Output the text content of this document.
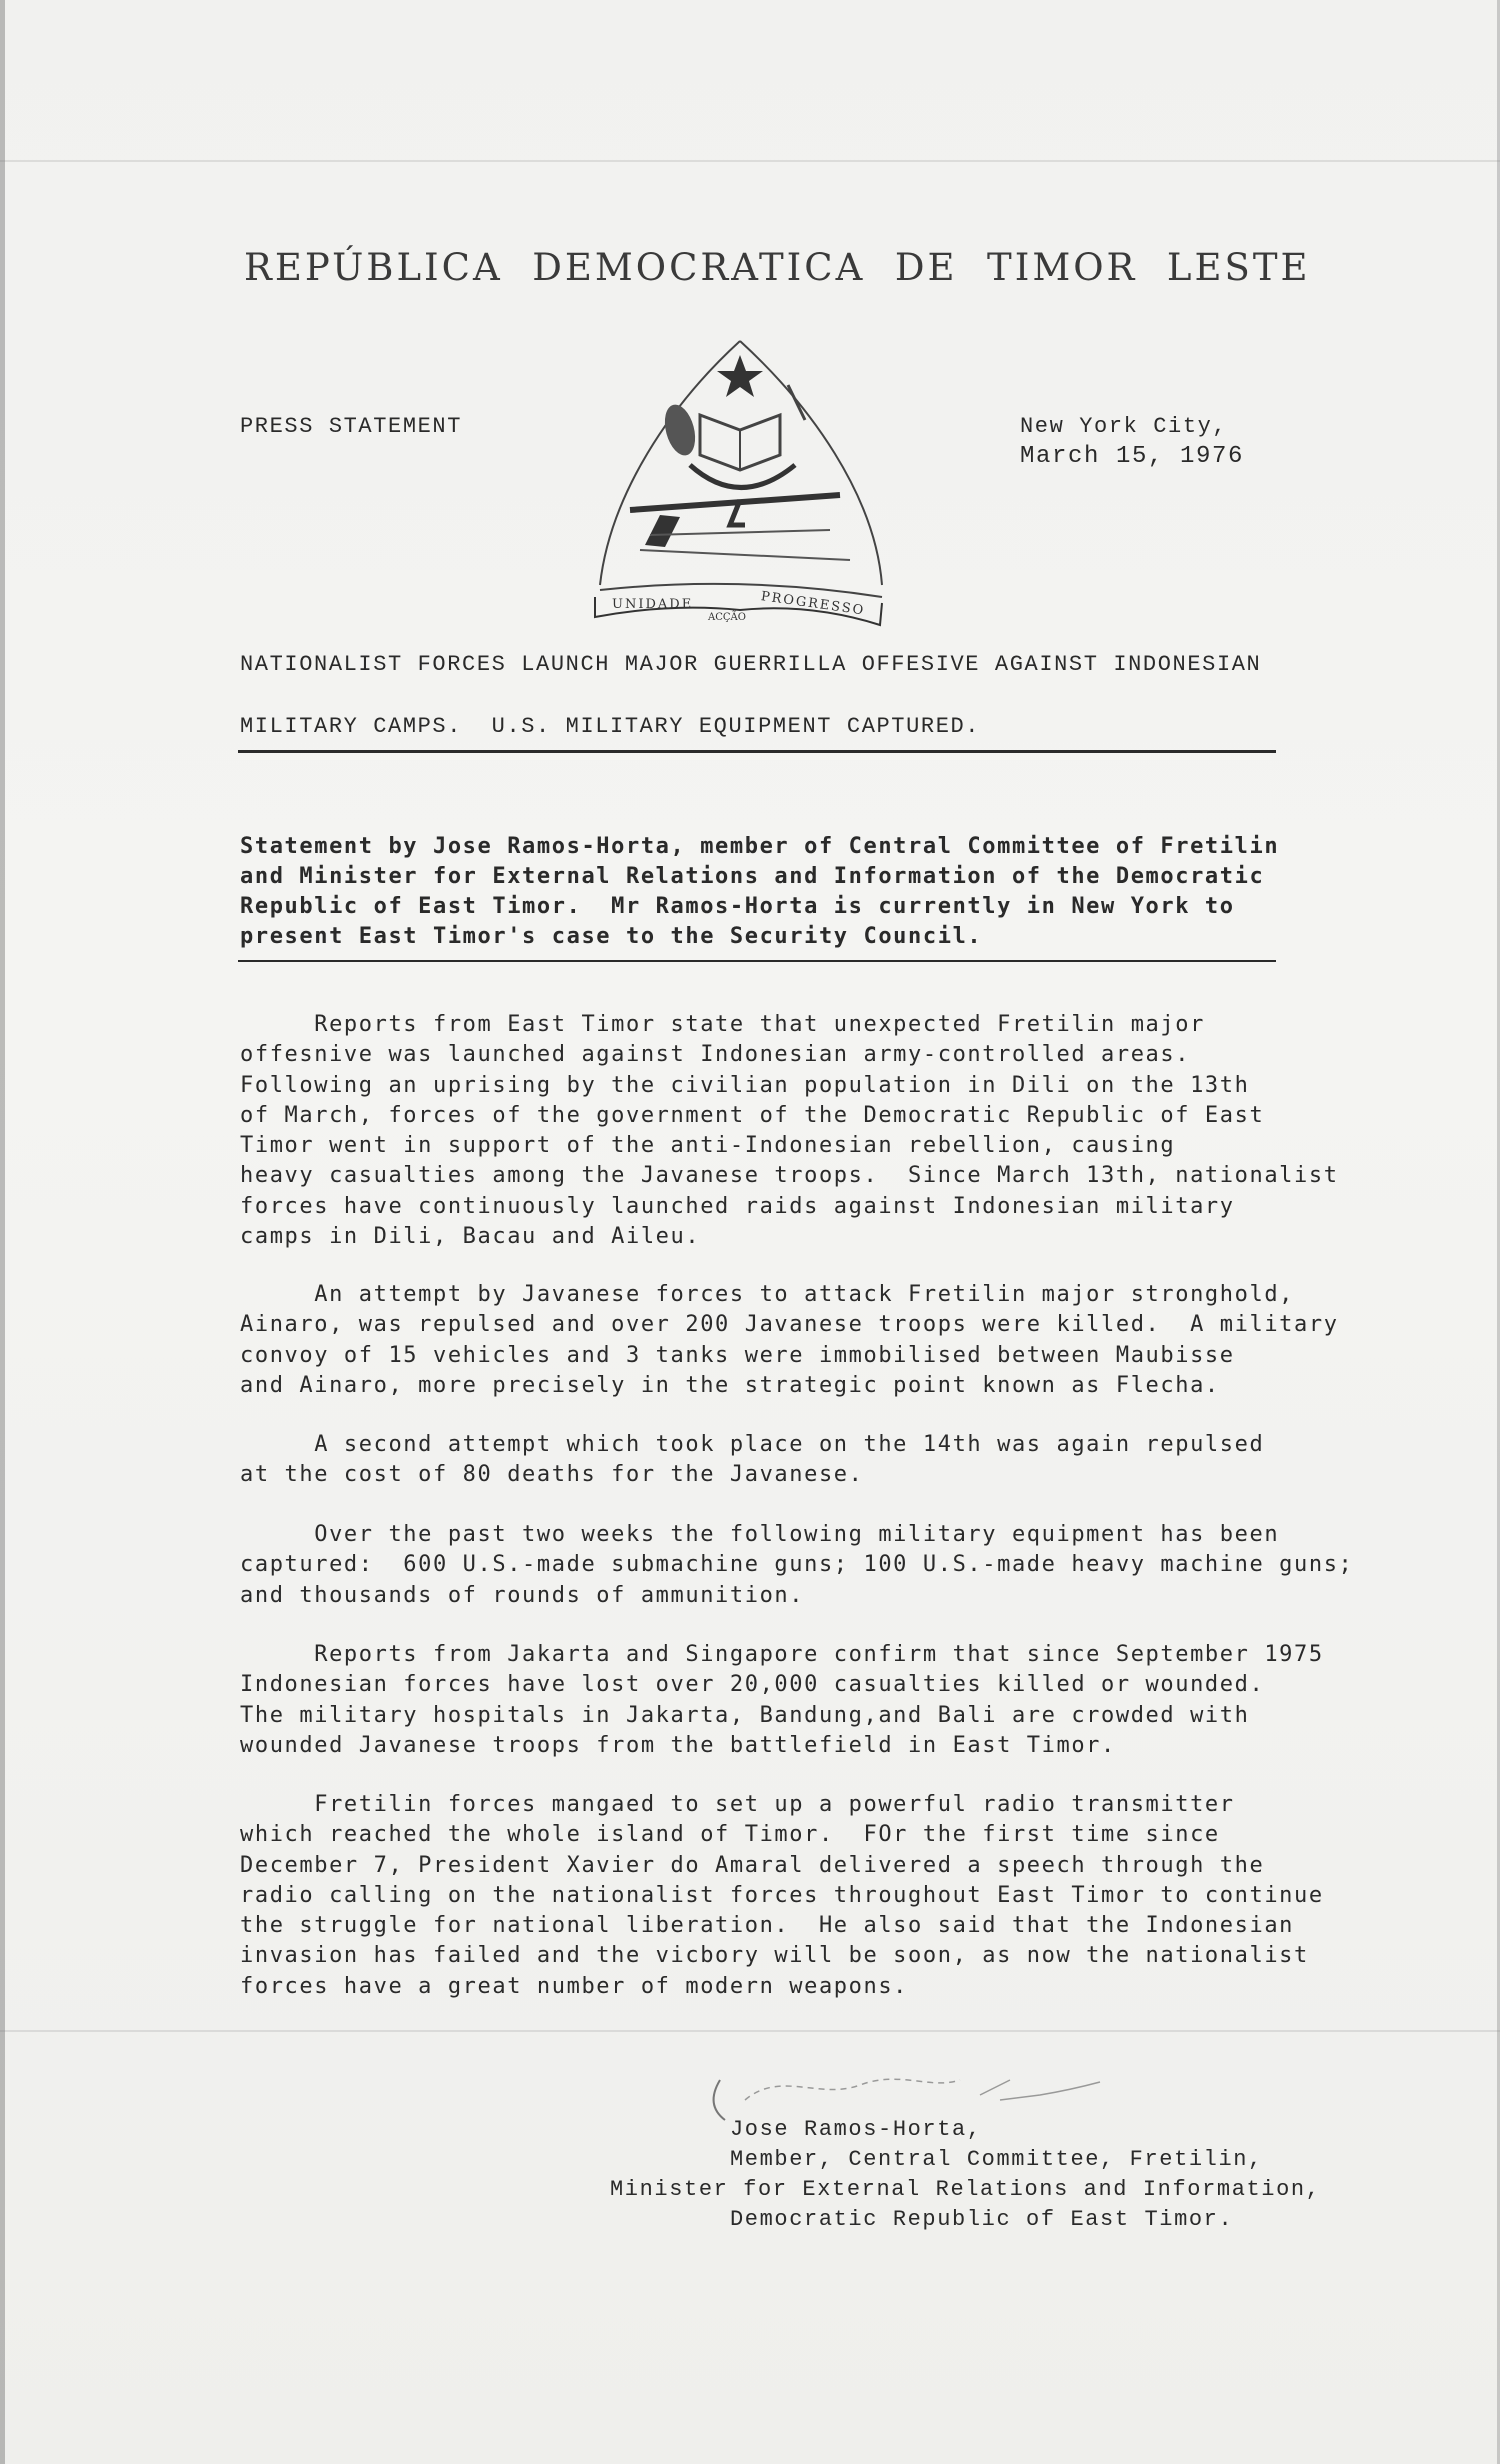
REPÚBLICA  DEMOCRATICA  DE  TIMOR  LESTE
PRESS STATEMENT	New York City,
March 15, 1976
UNIDADE
ACÇÃO PROGRESSO
NATIONALIST FORCES LAUNCH MAJOR GUERRILLA OFFESIVE AGAINST INDONESIAN
MILITARY CAMPS.  U.S. MILITARY EQUIPMENT CAPTURED.
Statement by Jose Ramos-Horta, member of Central Committee of Fretilin
and Minister for External Relations and Information of the Democratic
Republic of East Timor.  Mr Ramos-Horta is currently in New York to
present East Timor's case to the Security Council.
Reports from East Timor state that unexpected Fretilin major
offesnive was launched against Indonesian army-controlled areas.
Following an uprising by the civilian population in Dili on the 13th
of March, forces of the government of the Democratic Republic of East
Timor went in support of the anti-Indonesian rebellion, causing
heavy casualties among the Javanese troops.  Since March 13th, nationalist
forces have continuously launched raids against Indonesian military
camps in Dili, Bacau and Aileu.
An attempt by Javanese forces to attack Fretilin major stronghold,
Ainaro, was repulsed and over 200 Javanese troops were killed.  A military
convoy of 15 vehicles and 3 tanks were immobilised between Maubisse
and Ainaro, more precisely in the strategic point known as Flecha.
A second attempt which took place on the 14th was again repulsed
at the cost of 80 deaths for the Javanese.
Over the past two weeks the following military equipment has been
captured:  600 U.S.-made submachine guns; 100 U.S.-made heavy machine guns;
and thousands of rounds of ammunition.
Reports from Jakarta and Singapore confirm that since September 1975
Indonesian forces have lost over 20,000 casualties killed or wounded.
The military hospitals in Jakarta, Bandung,and Bali are crowded with
wounded Javanese troops from the battlefield in East Timor.
Fretilin forces mangaed to set up a powerful radio transmitter
which reached the whole island of Timor.  FOr the first time since
December 7, President Xavier do Amaral delivered a speech through the
radio calling on the nationalist forces throughout East Timor to continue
the struggle for national liberation.  He also said that the Indonesian
invasion has failed and the vicbory will be soon, as now the nationalist
forces have a great number of modern weapons.
Jose Ramos-Horta,
Member, Central Committee, Fretilin,
Minister for External Relations and Information,
Democratic Republic of East Timor.
